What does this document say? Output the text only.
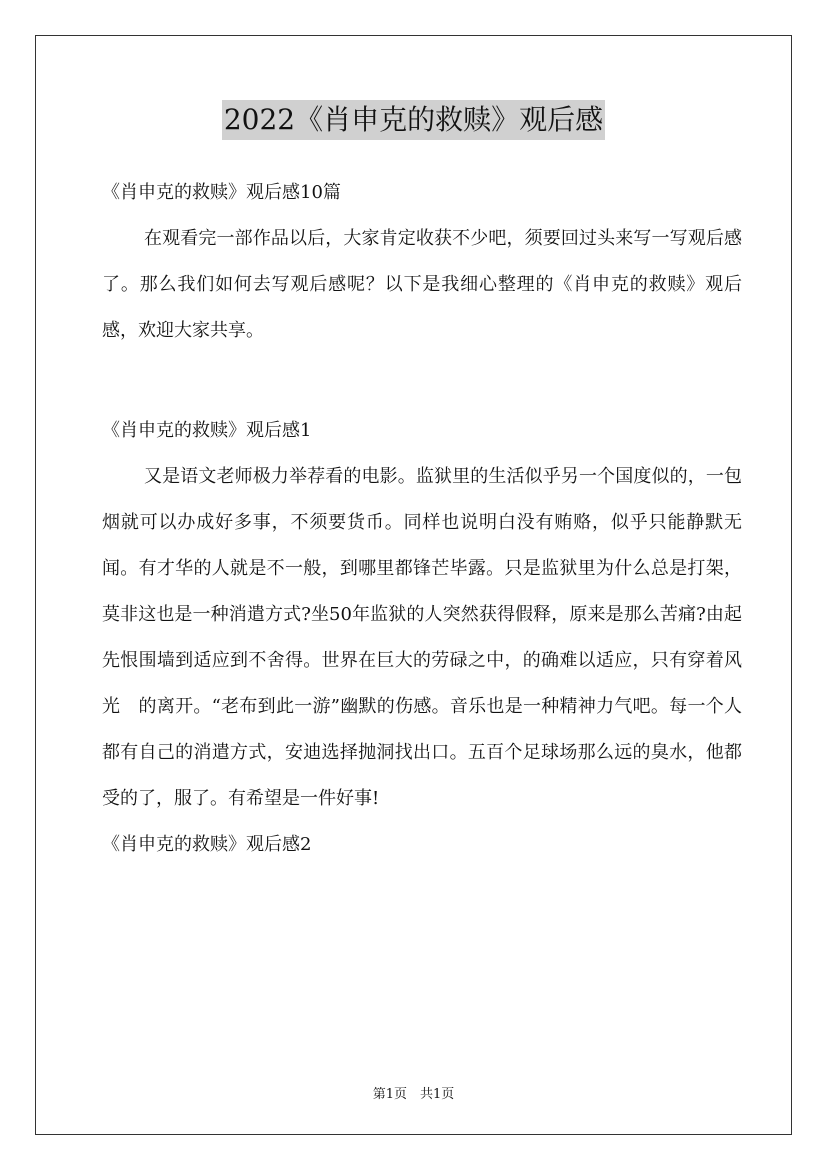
2022《肖申克的救赎》观后感
《肖申克的救赎》观后感10篇
在观看完一部作品以后，大家肯定收获不少吧，须要回过头来写一写观后感了。那么我们如何去写观后感呢？以下是我细心整理的《肖申克的救赎》观后感，欢迎大家共享。
《肖申克的救赎》观后感1
又是语文老师极力举荐看的电影。监狱里的生活似乎另一个国度似的，一包烟就可以办成好多事，不须要货币。同样也说明白没有贿赂，似乎只能静默无闻。有才华的人就是不一般，到哪里都锋芒毕露。只是监狱里为什么总是打架，莫非这也是一种消遣方式?坐50年监狱的人突然获得假释，原来是那么苦痛?由起先恨围墙到适应到不舍得。世界在巨大的劳碌之中，的确难以适应，只有穿着风光　的离开。“老布到此一游”幽默的伤感。音乐也是一种精神力气吧。每一个人都有自己的消遣方式，安迪选择抛洞找出口。五百个足球场那么远的臭水，他都受的了，服了。有希望是一件好事!
《肖申克的救赎》观后感2
第1页　共1页
